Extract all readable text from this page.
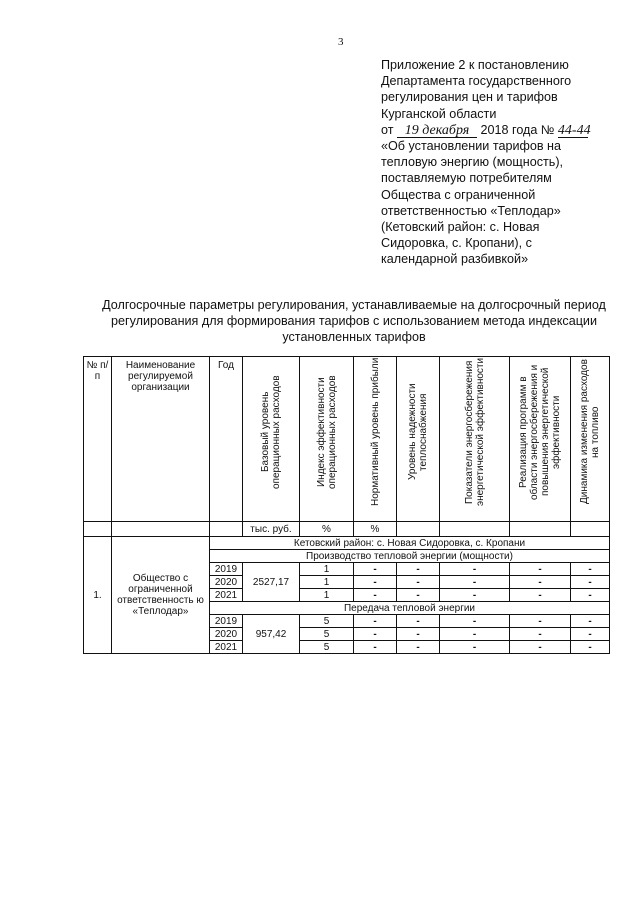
3
Приложение 2 к постановлению
Департамента государственного
регулирования цен и тарифов
Курганской области
от 19 декабря 2018 года № 44-44
«Об установлении тарифов на
тепловую энергию (мощность),
поставляемую потребителям
Общества с ограниченной
ответственностью «Теплодар»
(Кетовский район: с. Новая
Сидоровка, с. Кропани), с
календарной разбивкой»
Долгосрочные параметры регулирования, устанавливаемые на долгосрочный период регулирования для формирования тарифов с использованием метода индексации установленных тарифов
№ п/п	Наименование регулируемой организации	Год	Базовый уровень операционных расходов	Индекс эффективности операционных расходов	Нормативный уровень прибыли	Уровень надежности теплоснабжения	Показатели энергосбережения энергетической эффективности	Реализация программ в области энергосбережения и повышения энергетической эффективности	Динамика изменения расходов на топливо
			тыс. руб.	%	%				
1.	Общество с ограниченной ответственность ю «Теплодар»	Кетовский район: с. Новая Сидоровка, с. Кропани							
		Производство тепловой энергии (мощности)							
		2019	2527,17	1	-	-	-	-	-
		2020		1	-	-	-	-	-
		2021		1	-	-	-	-	-
		Передача тепловой энергии							
		2019	957,42	5	-	-	-	-	-
		2020		5	-	-	-	-	-
		2021		5	-	-	-	-	-
